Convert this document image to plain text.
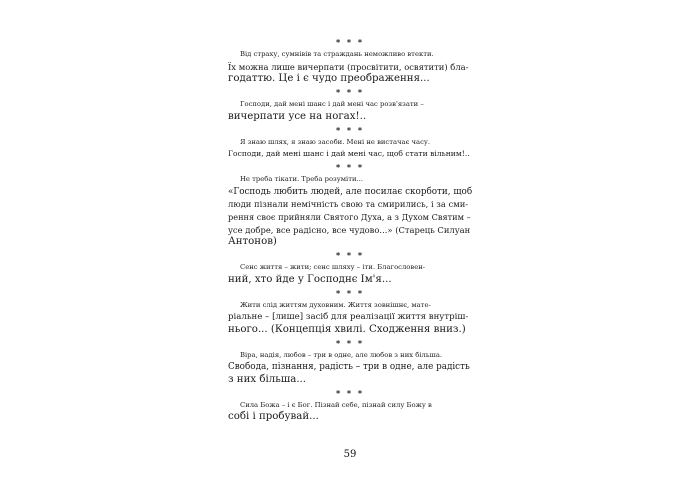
* * *
Від страху, сумнівів та страждань неможливо втекти.
Їх можна лише вичерпати (просвітити, освятити) бла-
годаттю. Це і є чудо преображення...
* * *
Господи, дай мені шанс і дай мені час розв'язати –
вичерпати усе на ногах!..
* * *
Я знаю шлях, я знаю засоби. Мені не вистачає часу.
Господи, дай мені шанс і дай мені час, щоб стати вільним!..
* * *
Не треба тікати. Треба розуміти...
«Господь любить людей, але посилає скорботи, щоб
люди пізнали немічність свою та смирились, і за сми-
рення своє прийняли Святого Духа, а з Духом Святим –
усе добре, все радісно, все чудово...» (Старець Силуан
Антонов)
* * *
Сенс життя – жити; сенс шляху – іти. Благословен-
ний, хто йде у Господнє Ім'я...
* * *
Жити слід життям духовним. Життя зовнішнє, мате-
ріальне – [лише] засіб для реалізації життя внутріш-
нього... (Концепція хвилі. Сходження вниз.)
* * *
Віра, надія, любов – три в одне, але любов з них більша.
Свобода, пізнання, радість – три в одне, але радість
з них більша...
* * *
Сила Божа – і є Бог. Пізнай себе, пізнай силу Божу в
собі і пробувай...
59
